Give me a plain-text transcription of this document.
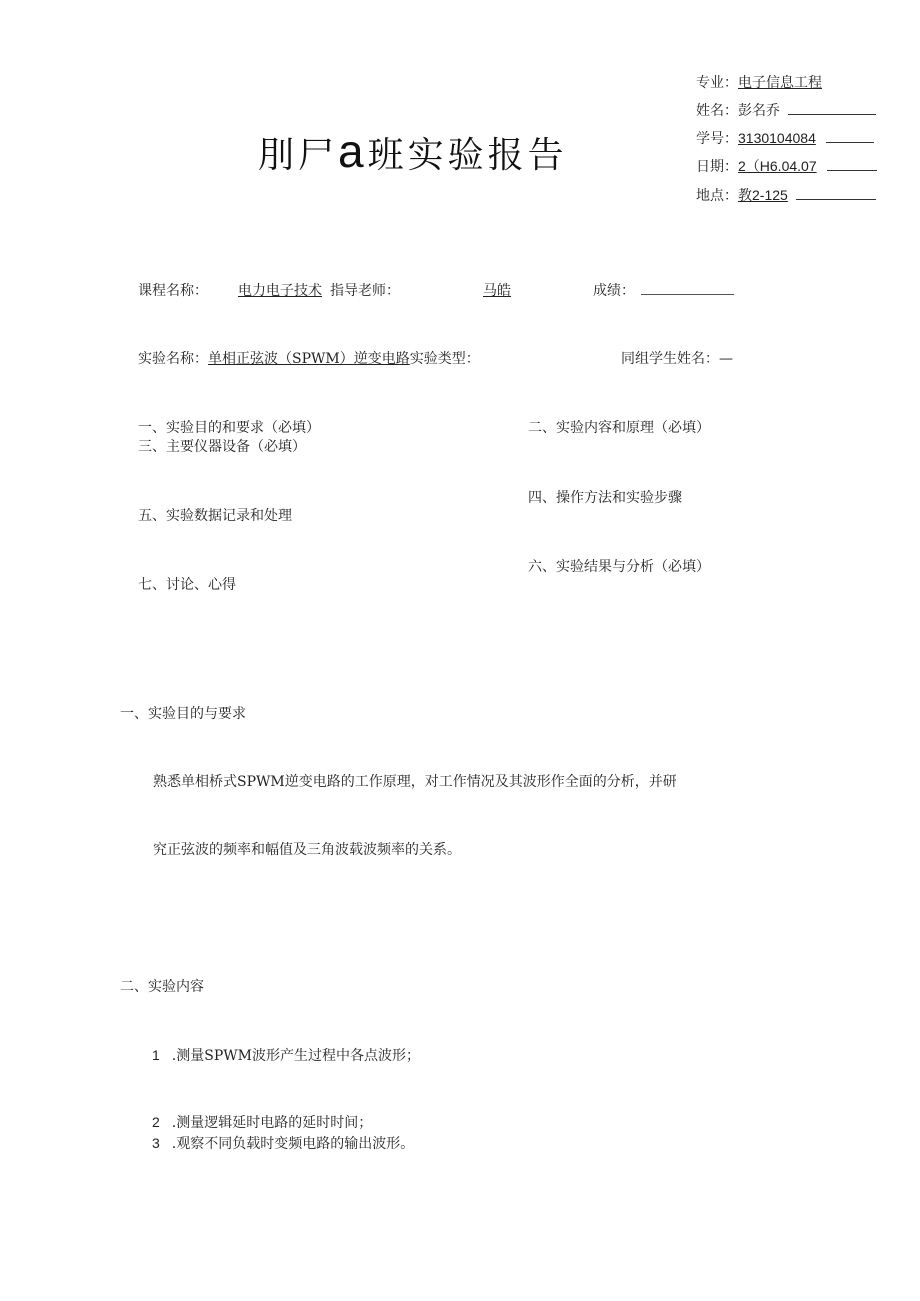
刖尸a班实验报告
专业：电子信息工程
姓名：彭名乔
学号：3130104084
日期：2（H6.04.07
地点：教2-125
课程名称： 电力电子技术 指导老师：	马皓	成绩：
实验名称：单相正弦波（SPWM）逆变电路实验类型：	同组学生姓名：—
一、实验目的和要求（必填）	二、实验内容和原理（必填）
三、主要仪器设备（必填）
四、操作方法和实验步骤
五、实验数据记录和处理
六、实验结果与分析（必填）
七、讨论、心得
一、实验目的与要求
熟悉单相桥式SPWM逆变电路的工作原理，对工作情况及其波形作全面的分析，并研
究正弦波的频率和幅值及三角波载波频率的关系。
二、实验内容
1 .测量SPWM波形产生过程中各点波形；
2 .测量逻辑延时电路的延时时间；
3 .观察不同负载时变频电路的输出波形。
